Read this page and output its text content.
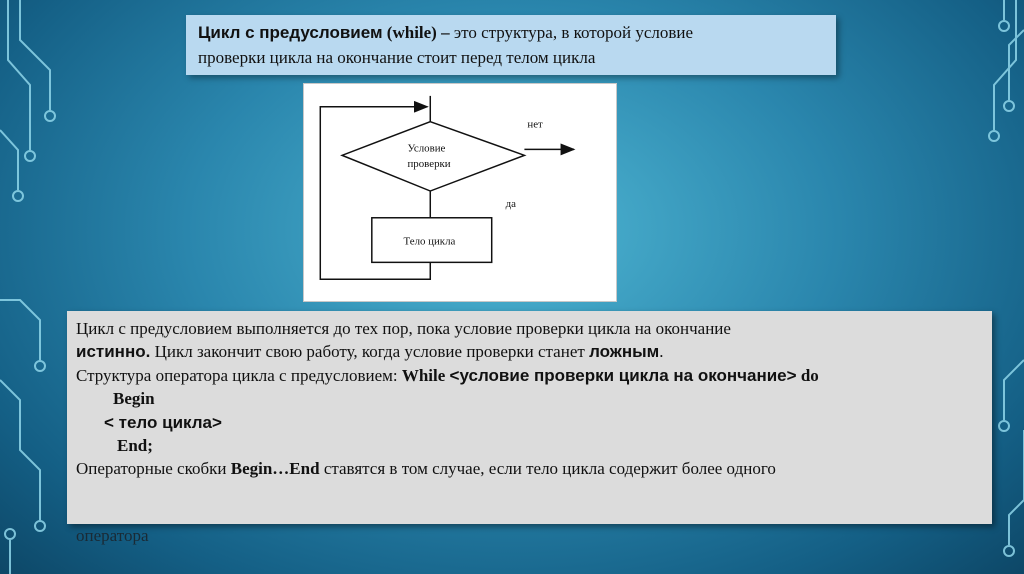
Цикл с предусловием (while) – это структура, в которой условие
проверки цикла на окончание стоит перед телом цикла
Условие
проверки
нет
да
Тело цикла
Цикл с предусловием выполняется до тех пор, пока условие проверки цикла на окончание
истинно. Цикл закончит свою работу, когда условие проверки станет ложным.
Структура оператора цикла с предусловием: While <условие проверки цикла на окончание> do
Begin
< тело цикла>
End;
Операторные скобки Begin…End ставятся в том случае, если тело цикла содержит более одного
оператора
